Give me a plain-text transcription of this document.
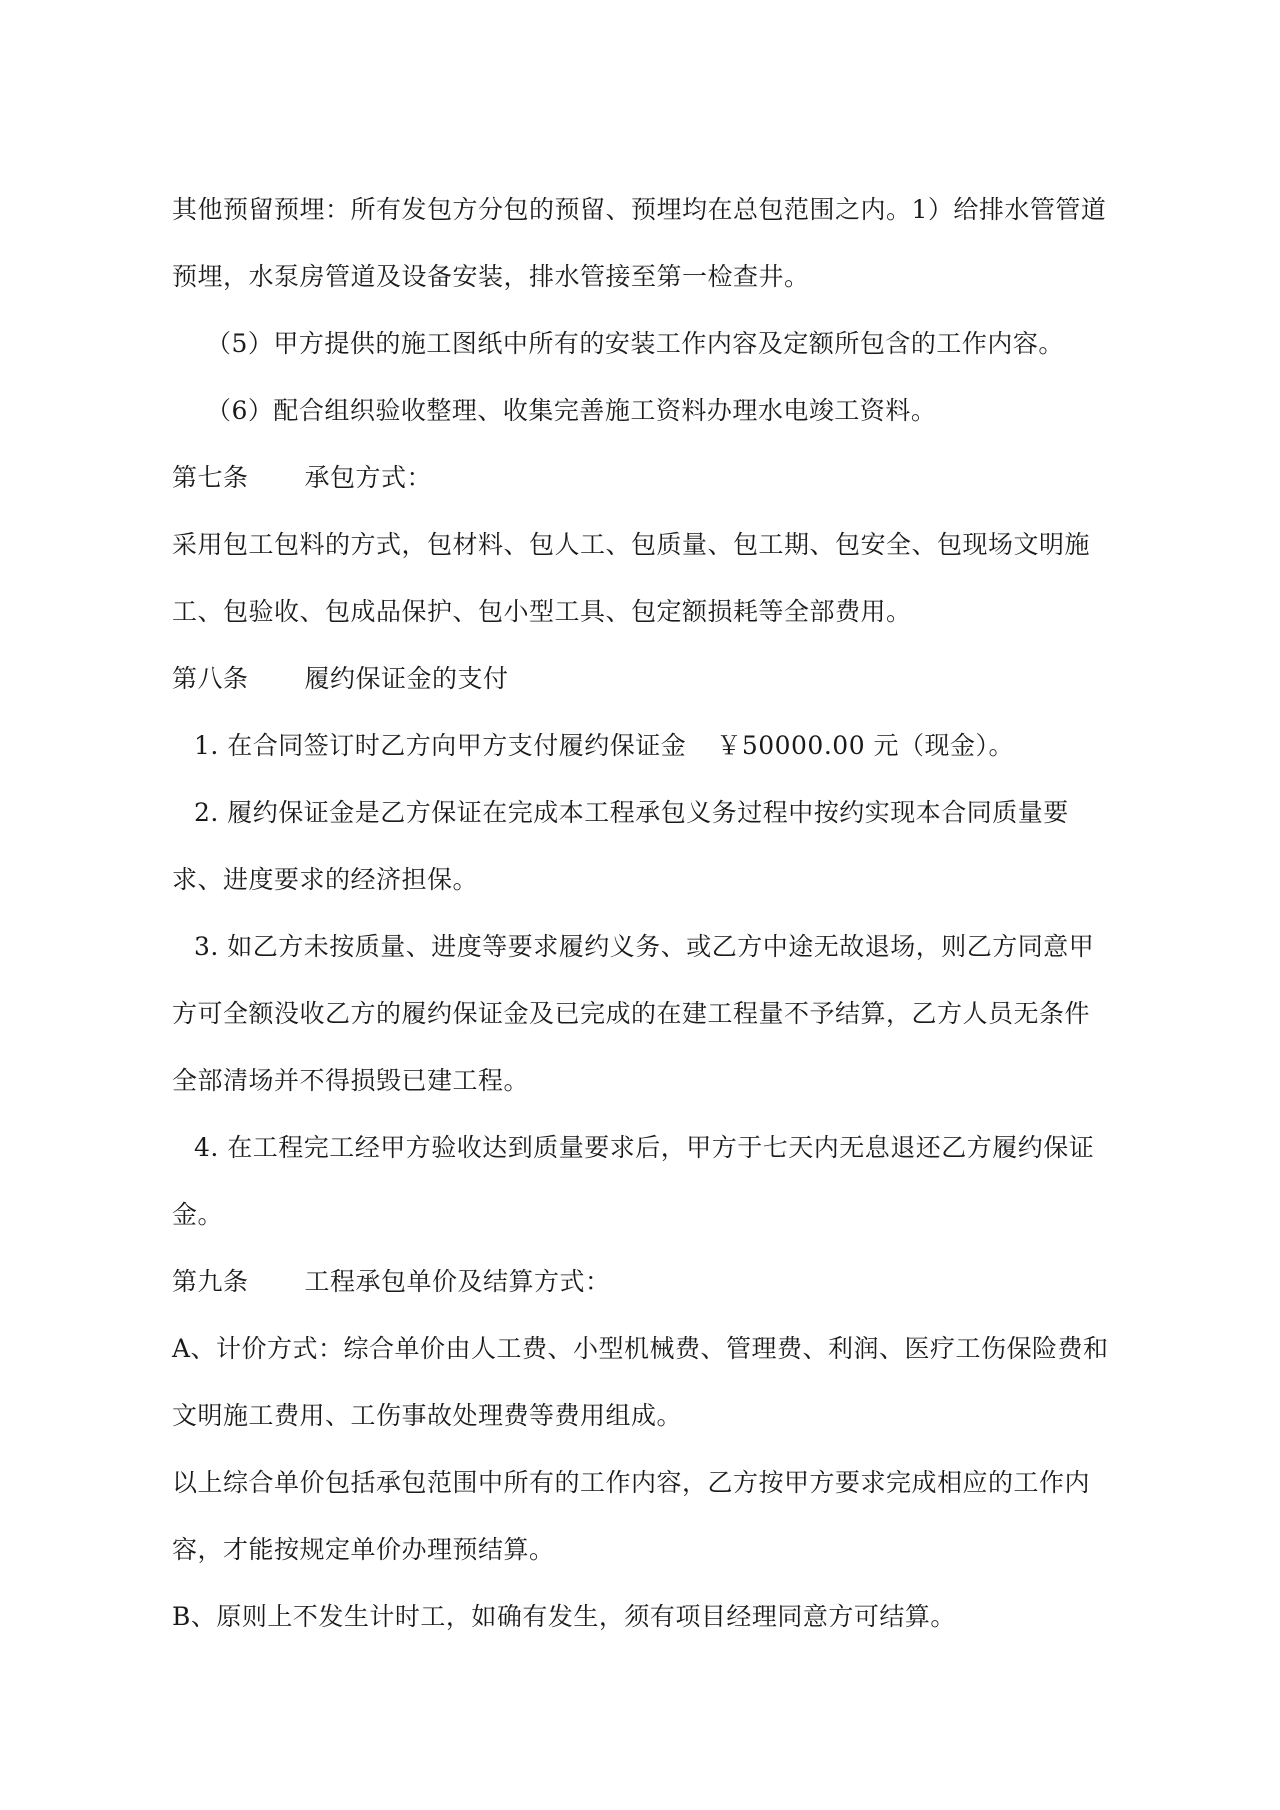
其他预留预埋：所有发包方分包的预留、预埋均在总包范围之内。1）给排水管管道
预埋，水泵房管道及设备安装，排水管接至第一检查井。
（5）甲方提供的施工图纸中所有的安装工作内容及定额所包含的工作内容。
（6）配合组织验收整理、收集完善施工资料办理水电竣工资料。
第七条 承包方式：
采用包工包料的方式，包材料、包人工、包质量、包工期、包安全、包现场文明施
工、包验收、包成品保护、包小型工具、包定额损耗等全部费用。
第八条 履约保证金的支付
1. 在合同签订时乙方向甲方支付履约保证金 ￥50000.00 元（现金）。
2. 履约保证金是乙方保证在完成本工程承包义务过程中按约实现本合同质量要
求、进度要求的经济担保。
3. 如乙方未按质量、进度等要求履约义务、或乙方中途无故退场，则乙方同意甲
方可全额没收乙方的履约保证金及已完成的在建工程量不予结算，乙方人员无条件
全部清场并不得损毁已建工程。
4. 在工程完工经甲方验收达到质量要求后，甲方于七天内无息退还乙方履约保证
金。
第九条 工程承包单价及结算方式：
A、计价方式：综合单价由人工费、小型机械费、管理费、利润、医疗工伤保险费和
文明施工费用、工伤事故处理费等费用组成。
以上综合单价包括承包范围中所有的工作内容，乙方按甲方要求完成相应的工作内
容，才能按规定单价办理预结算。
B、原则上不发生计时工，如确有发生，须有项目经理同意方可结算。
